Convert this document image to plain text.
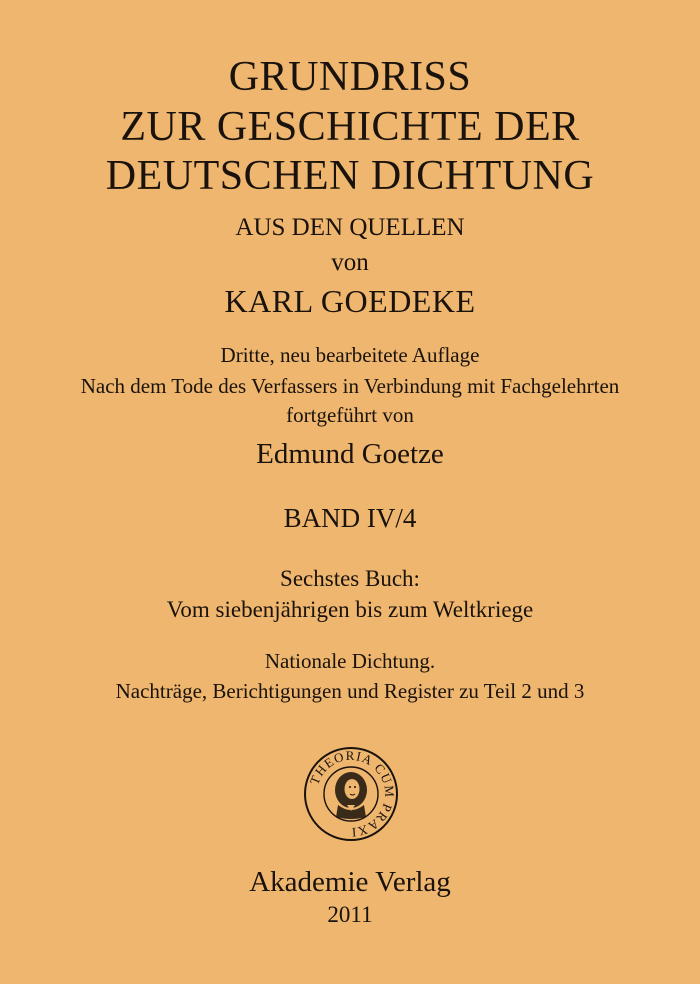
GRUNDRISS
ZUR GESCHICHTE DER
DEUTSCHEN DICHTUNG
AUS DEN QUELLEN
von
KARL GOEDEKE
Dritte, neu bearbeitete Auflage
Nach dem Tode des Verfassers in Verbindung mit Fachgelehrten
fortgeführt von
Edmund Goetze
BAND IV/4
Sechstes Buch:
Vom siebenjährigen bis zum Weltkriege
Nationale Dichtung.
Nachträge, Berichtigungen und Register zu Teil 2 und 3
THEORIA CUM PRAXI
Akademie Verlag
2011
